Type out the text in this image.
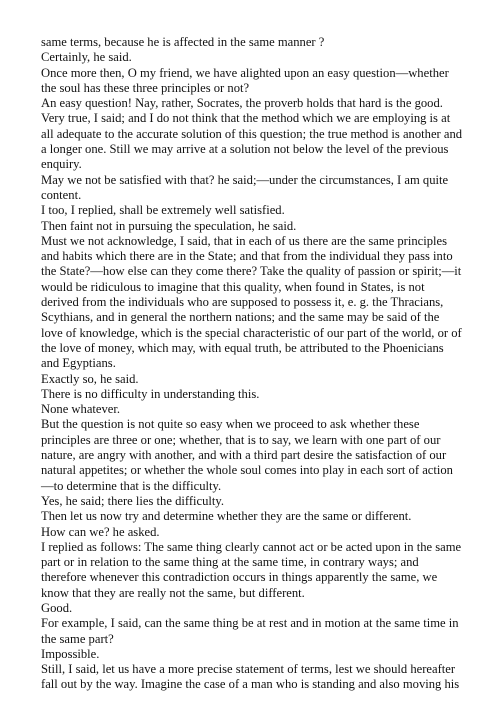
same terms, because he is affected in the same manner ?
Certainly, he said.
Once more then, O my friend, we have alighted upon an easy question—whether
the soul has these three principles or not?
An easy question! Nay, rather, Socrates, the proverb holds that hard is the good.
Very true, I said; and I do not think that the method which we are employing is at
all adequate to the accurate solution of this question; the true method is another and
a longer one. Still we may arrive at a solution not below the level of the previous
enquiry.
May we not be satisfied with that? he said;—under the circumstances, I am quite
content.
I too, I replied, shall be extremely well satisfied.
Then faint not in pursuing the speculation, he said.
Must we not acknowledge, I said, that in each of us there are the same principles
and habits which there are in the State; and that from the individual they pass into
the State?—how else can they come there? Take the quality of passion or spirit;—it
would be ridiculous to imagine that this quality, when found in States, is not
derived from the individuals who are supposed to possess it, e. g. the Thracians,
Scythians, and in general the northern nations; and the same may be said of the
love of knowledge, which is the special characteristic of our part of the world, or of
the love of money, which may, with equal truth, be attributed to the Phoenicians
and Egyptians.
Exactly so, he said.
There is no difficulty in understanding this.
None whatever.
But the question is not quite so easy when we proceed to ask whether these
principles are three or one; whether, that is to say, we learn with one part of our
nature, are angry with another, and with a third part desire the satisfaction of our
natural appetites; or whether the whole soul comes into play in each sort of action
—to determine that is the difficulty.
Yes, he said; there lies the difficulty.
Then let us now try and determine whether they are the same or different.
How can we? he asked.
I replied as follows: The same thing clearly cannot act or be acted upon in the same
part or in relation to the same thing at the same time, in contrary ways; and
therefore whenever this contradiction occurs in things apparently the same, we
know that they are really not the same, but different.
Good.
For example, I said, can the same thing be at rest and in motion at the same time in
the same part?
Impossible.
Still, I said, let us have a more precise statement of terms, lest we should hereafter
fall out by the way. Imagine the case of a man who is standing and also moving his
